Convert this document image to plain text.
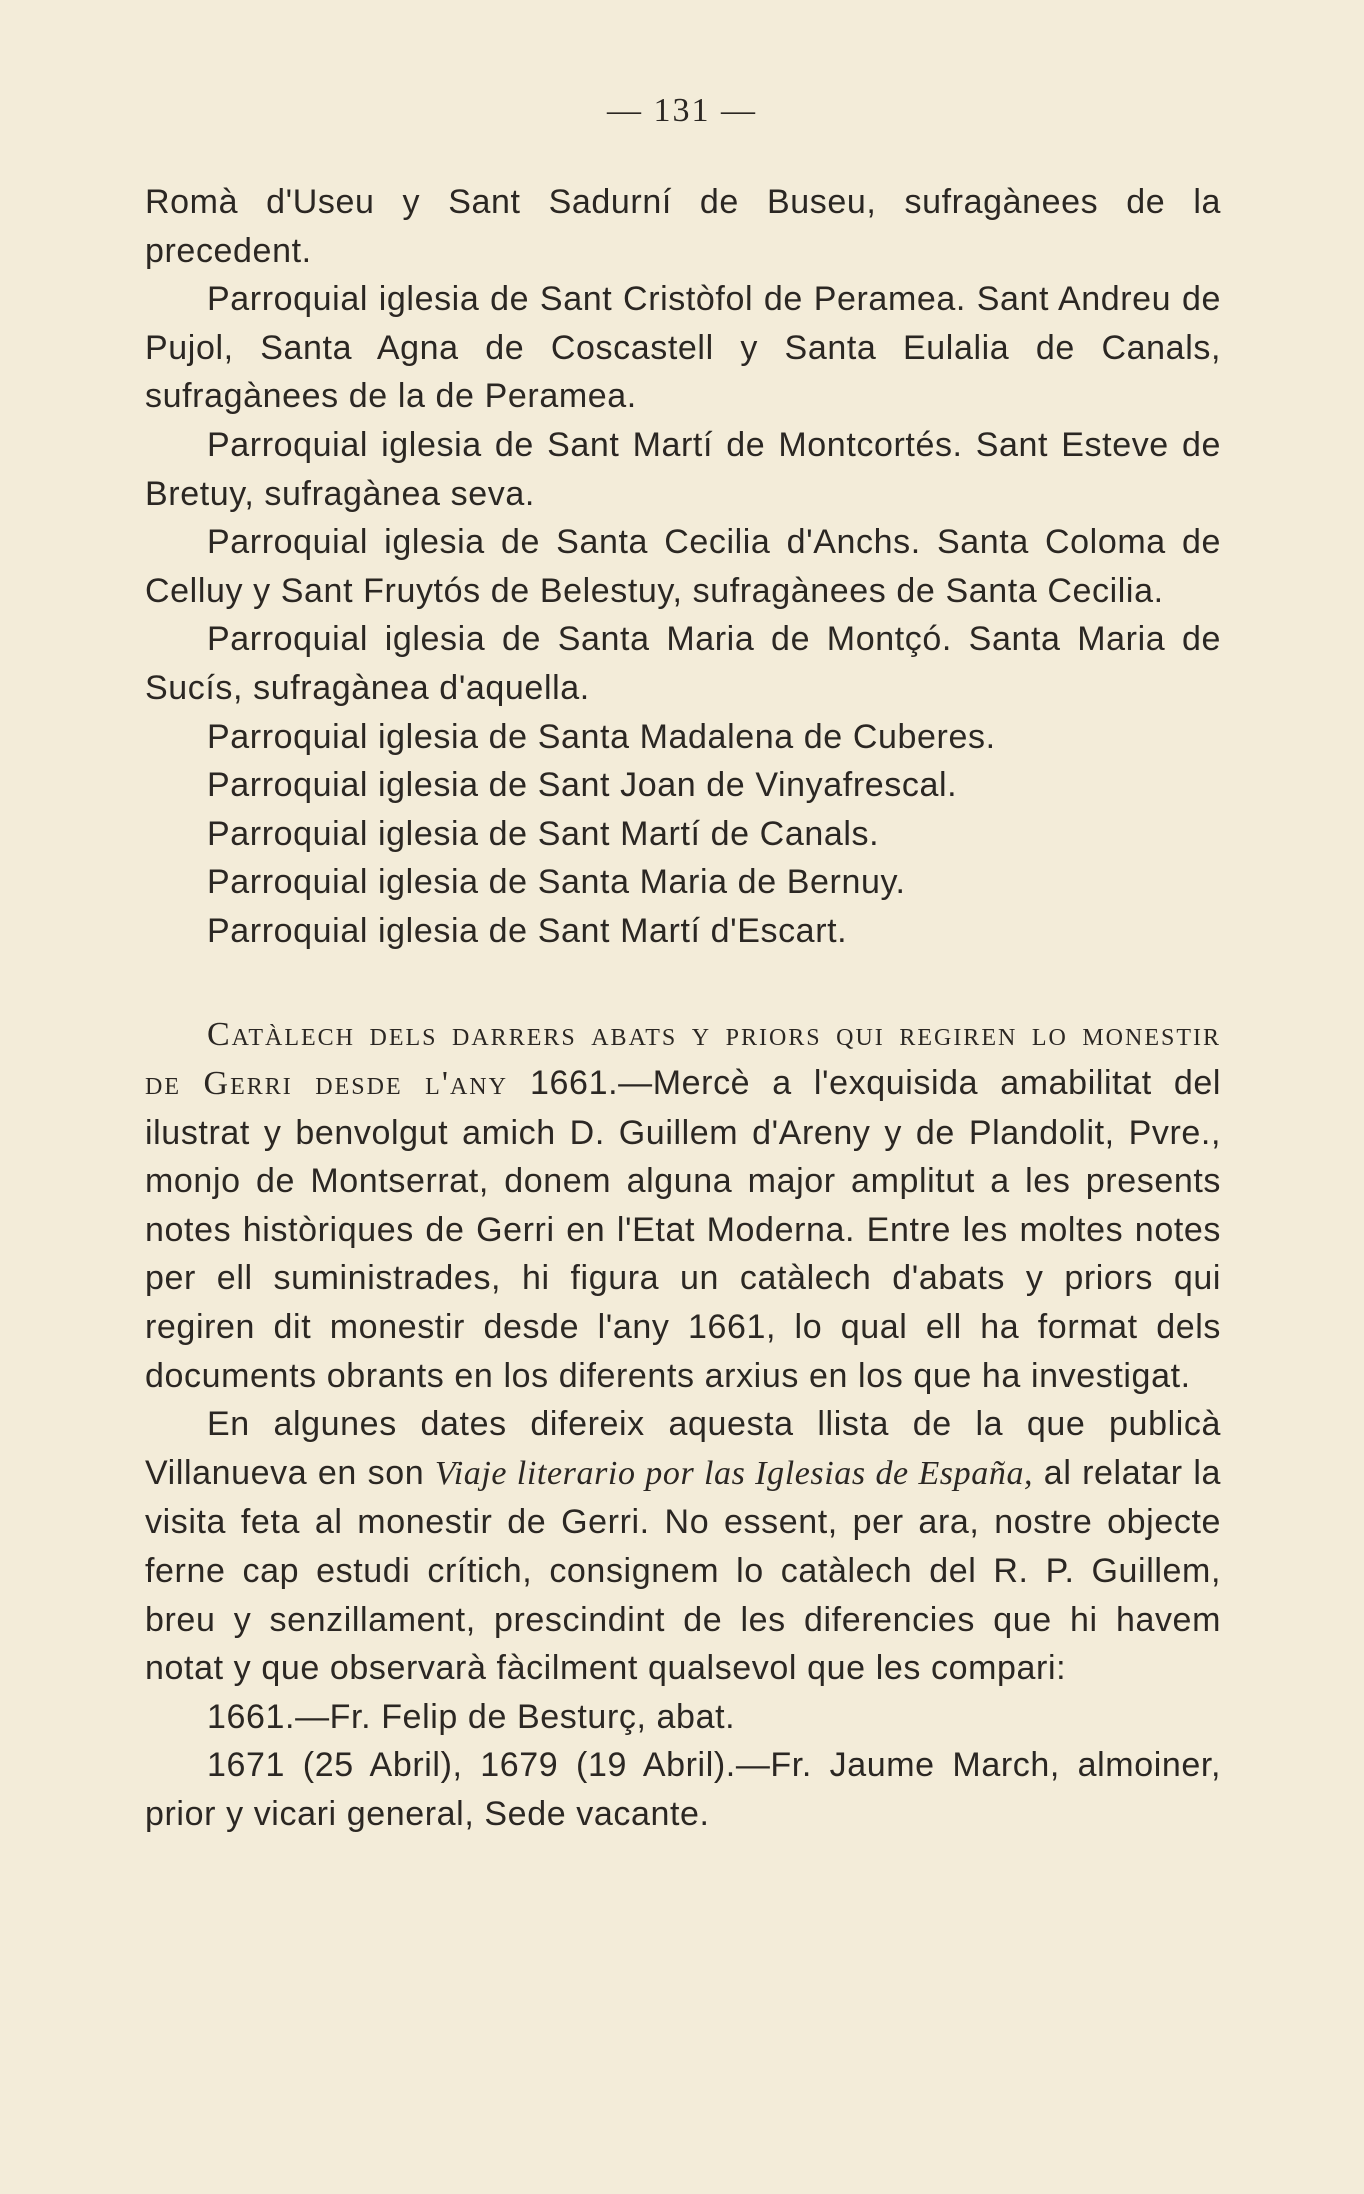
— 131 —

Romà d'Useu y Sant Sadurní de Buseu, sufragànees de la precedent.

Parroquial iglesia de Sant Cristòfol de Peramea. Sant Andreu de Pujol, Santa Agna de Coscastell y Santa Eulalia de Canals, sufragànees de la de Peramea.

Parroquial iglesia de Sant Martí de Montcortés. Sant Esteve de Bretuy, sufragànea seva.

Parroquial iglesia de Santa Cecilia d'Anchs. Santa Coloma de Celluy y Sant Fruytós de Belestuy, sufragànees de Santa Cecilia.

Parroquial iglesia de Santa Maria de Montçó. Santa Maria de Sucís, sufragànea d'aquella.

Parroquial iglesia de Santa Madalena de Cuberes.

Parroquial iglesia de Sant Joan de Vinyafrescal.

Parroquial iglesia de Sant Martí de Canals.

Parroquial iglesia de Santa Maria de Bernuy.

Parroquial iglesia de Sant Martí d'Escart.

Catàlech dels darrers abats y priors qui regiren lo monestir de Gerri desde l'any 1661.—Mercè a l'exquisida amabilitat del ilustrat y benvolgut amich D. Guillem d'Areny y de Plandolit, Pvre., monjo de Montserrat, donem alguna major amplitut a les presents notes històriques de Gerri en l'Etat Moderna. Entre les moltes notes per ell suministrades, hi figura un catàlech d'abats y priors qui regiren dit monestir desde l'any 1661, lo qual ell ha format dels documents obrants en los diferents arxius en los que ha investigat.

En algunes dates difereix aquesta llista de la que publicà Villanueva en son Viaje literario por las Iglesias de España, al relatar la visita feta al monestir de Gerri. No essent, per ara, nostre objecte ferne cap estudi crítich, consignem lo catàlech del R. P. Guillem, breu y senzillament, prescindint de les diferencies que hi havem notat y que observarà fàcilment qualsevol que les compari:

1661.—Fr. Felip de Besturç, abat.

1671 (25 Abril), 1679 (19 Abril).—Fr. Jaume March, almoiner, prior y vicari general, Sede vacante.
